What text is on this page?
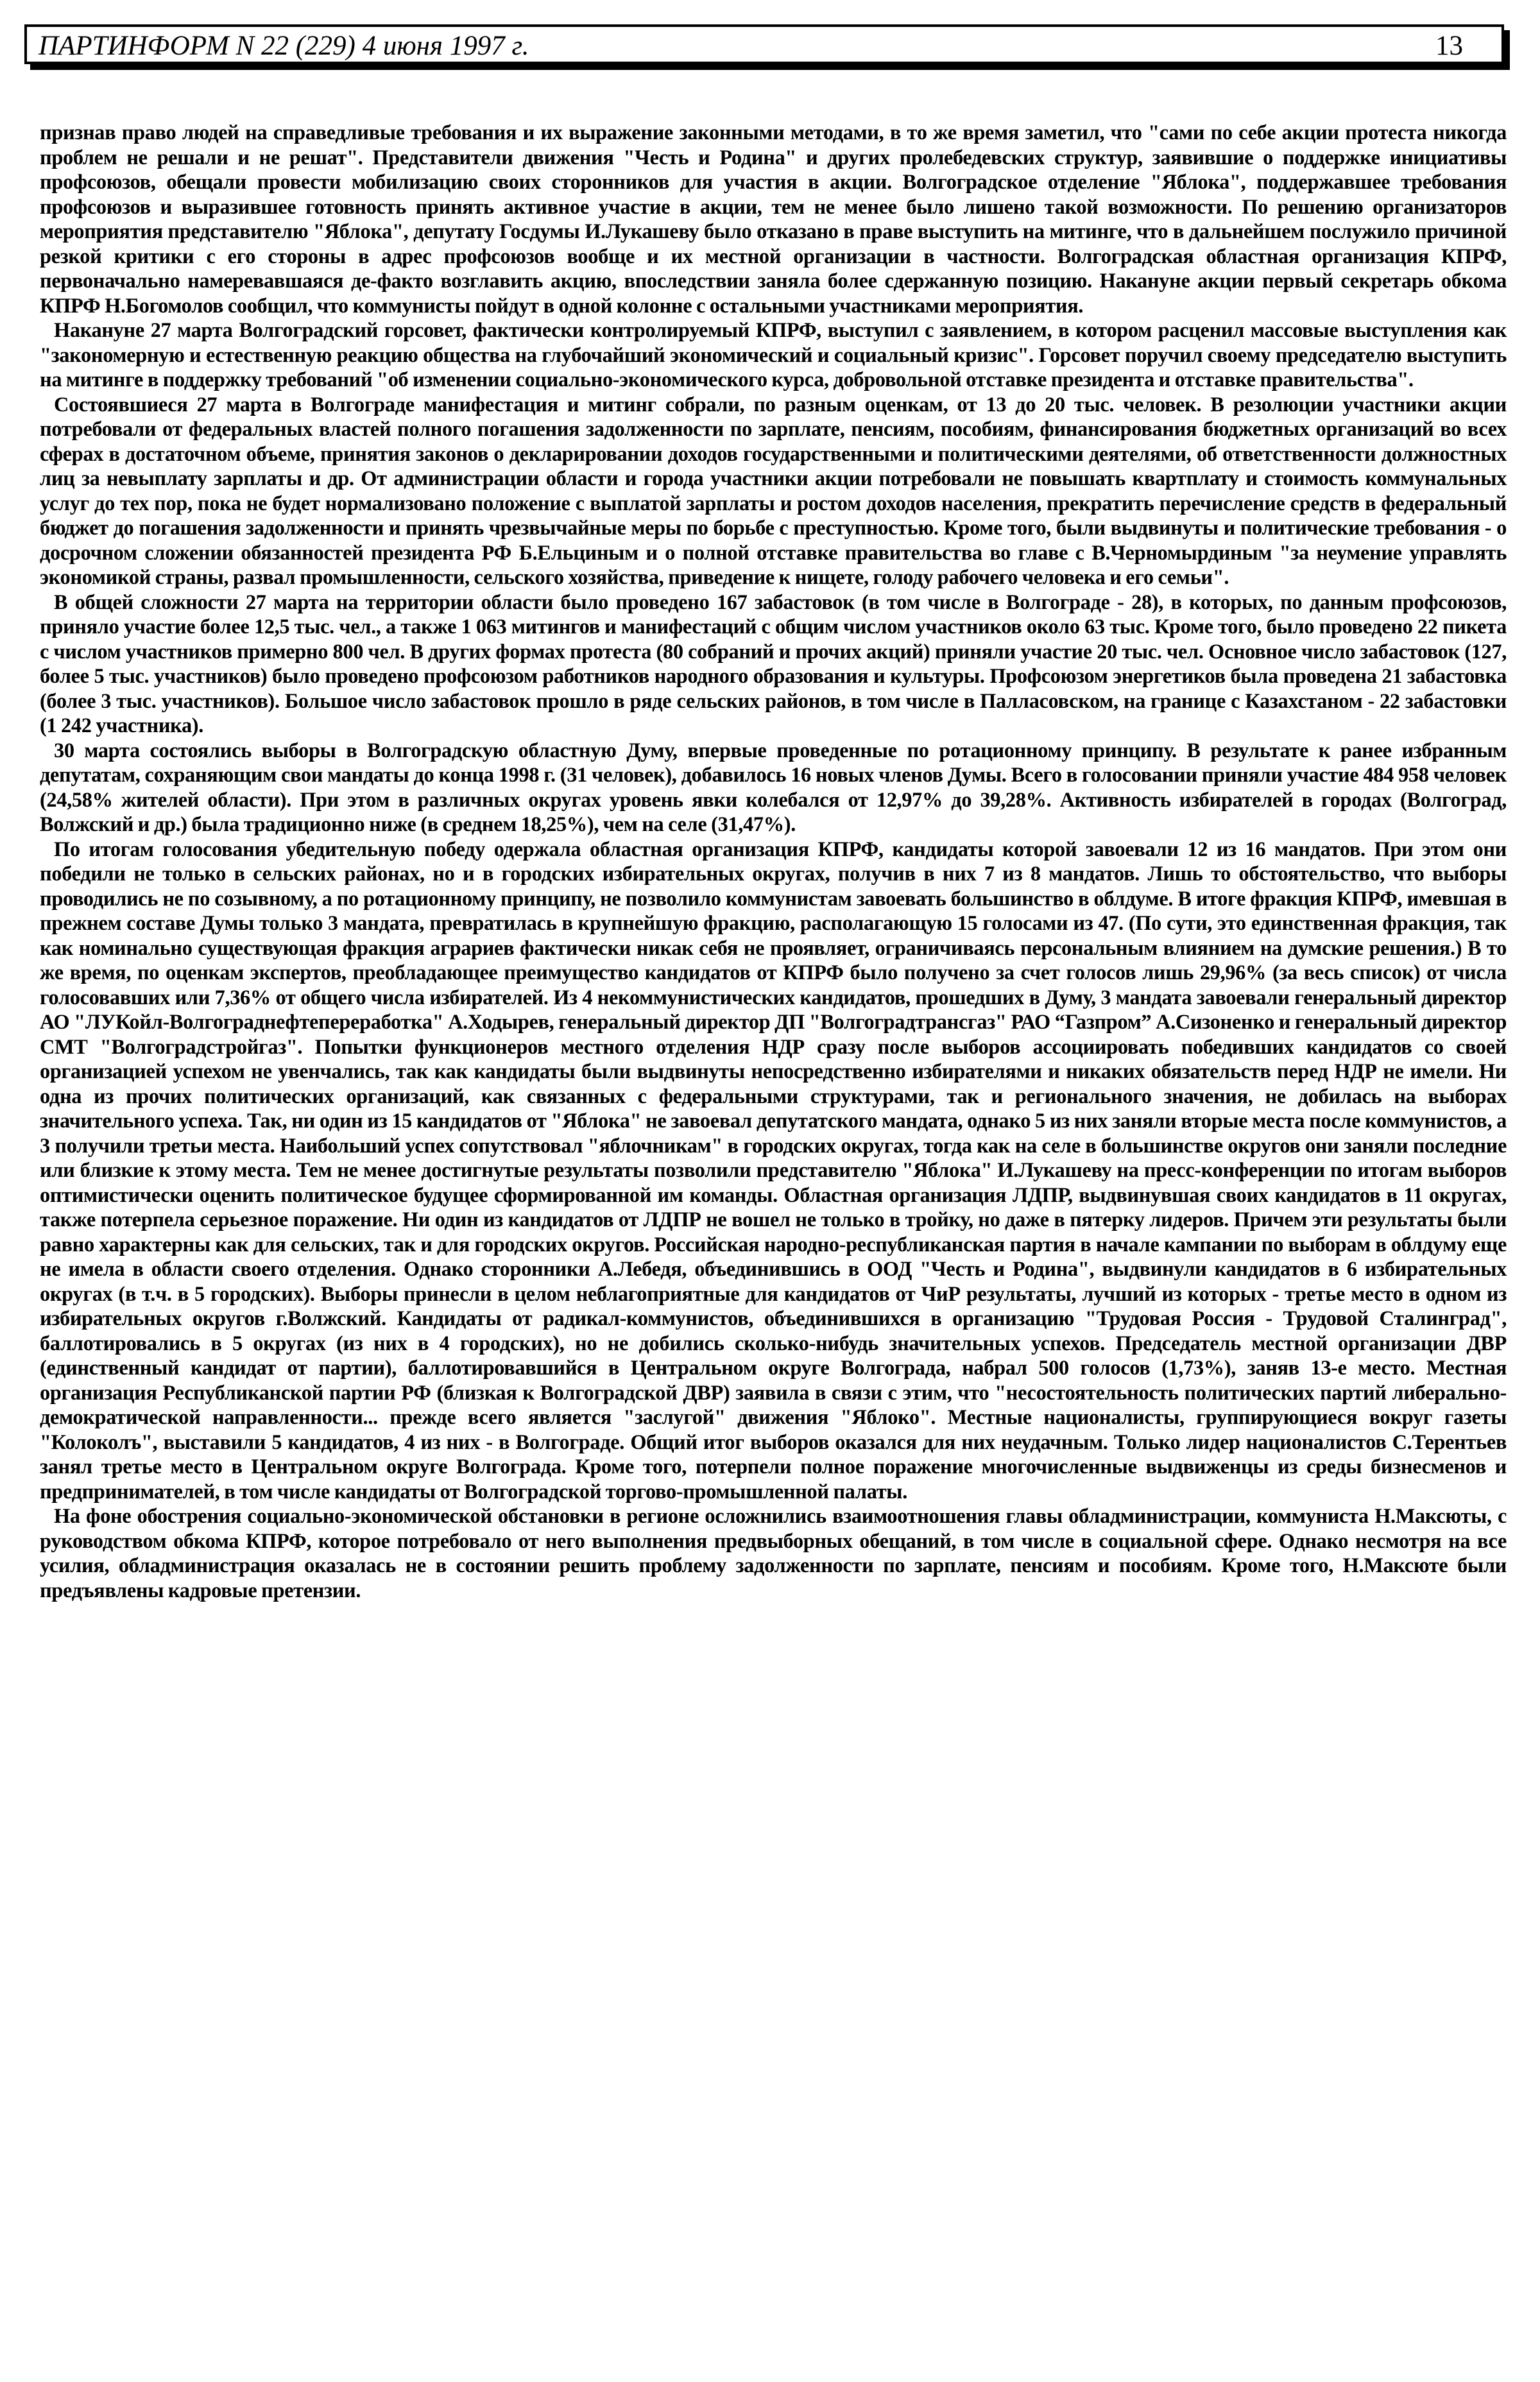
ПАРТИНФОРМ N 22 (229) 4 июня 1997 г.	13

признав право людей на справедливые требования и их выражение законными методами, в то же время заметил, что "сами по себе акции протеста никогда проблем не решали и не решат". Представители движения "Честь и Родина" и других пролебедевских структур, заявившие о поддержке инициативы профсоюзов, обещали провести мобилизацию своих сторонников для участия в акции. Волгоградское отделение "Яблока", поддержавшее требования профсоюзов и выразившее готовность принять активное участие в акции, тем не менее было лишено такой возможности. По решению организаторов мероприятия представителю "Яблока", депутату Госдумы И.Лукашеву было отказано в праве выступить на митинге, что в дальнейшем послужило причиной резкой критики с его стороны в адрес профсоюзов вообще и их местной организации в частности. Волгоградская областная организация КПРФ, первоначально намеревавшаяся де-факто возглавить акцию, впоследствии заняла более сдержанную позицию. Накануне акции первый секретарь обкома КПРФ Н.Богомолов сообщил, что коммунисты пойдут в одной колонне с остальными участниками мероприятия.

Накануне 27 марта Волгоградский горсовет, фактически контролируемый КПРФ, выступил с заявлением, в котором расценил массовые выступления как "закономерную и естественную реакцию общества на глубочайший экономический и социальный кризис". Горсовет поручил своему председателю выступить на митинге в поддержку требований "об изменении социально-экономического курса, добровольной отставке президента и отставке правительства".

Состоявшиеся 27 марта в Волгограде манифестация и митинг собрали, по разным оценкам, от 13 до 20 тыс. человек. В резолюции участники акции потребовали от федеральных властей полного погашения задолженности по зарплате, пенсиям, пособиям, финансирования бюджетных организаций во всех сферах в достаточном объеме, принятия законов о декларировании доходов государственными и политическими деятелями, об ответственности должностных лиц за невыплату зарплаты и др. От администрации области и города участники акции потребовали не повышать квартплату и стоимость коммунальных услуг до тех пор, пока не будет нормализовано положение с выплатой зарплаты и ростом доходов населения, прекратить перечисление средств в федеральный бюджет до погашения задолженности и принять чрезвычайные меры по борьбе с преступностью. Кроме того, были выдвинуты и политические требования - о досрочном сложении обязанностей президента РФ Б.Ельциным и о полной отставке правительства во главе с В.Черномырдиным "за неумение управлять экономикой страны, развал промышленности, сельского хозяйства, приведение к нищете, голоду рабочего человека и его семьи".

В общей сложности 27 марта на территории области было проведено 167 забастовок (в том числе в Волгограде - 28), в которых, по данным профсоюзов, приняло участие более 12,5 тыс. чел., а также 1 063 митингов и манифестаций с общим числом участников около 63 тыс. Кроме того, было проведено 22 пикета с числом участников примерно 800 чел. В других формах протеста (80 собраний и прочих акций) приняли участие 20 тыс. чел. Основное число забастовок (127, более 5 тыс. участников) было проведено профсоюзом работников народного образования и культуры. Профсоюзом энергетиков была проведена 21 забастовка (более 3 тыс. участников). Большое число забастовок прошло в ряде сельских районов, в том числе в Палласовском, на границе с Казахстаном - 22 забастовки (1 242 участника).

30 марта состоялись выборы в Волгоградскую областную Думу, впервые проведенные по ротационному принципу. В результате к ранее избранным депутатам, сохраняющим свои мандаты до конца 1998 г. (31 человек), добавилось 16 новых членов Думы. Всего в голосовании приняли участие 484 958 человек (24,58% жителей области). При этом в различных округах уровень явки колебался от 12,97% до 39,28%. Активность избирателей в городах (Волгоград, Волжский и др.) была традиционно ниже (в среднем 18,25%), чем на селе (31,47%).

По итогам голосования убедительную победу одержала областная организация КПРФ, кандидаты которой завоевали 12 из 16 мандатов. При этом они победили не только в сельских районах, но и в городских избирательных округах, получив в них 7 из 8 мандатов. Лишь то обстоятельство, что выборы проводились не по созывному, а по ротационному принципу, не позволило коммунистам завоевать большинство в облдуме. В итоге фракция КПРФ, имевшая в прежнем составе Думы только 3 мандата, превратилась в крупнейшую фракцию, располагающую 15 голосами из 47. (По сути, это единственная фракция, так как номинально существующая фракция аграриев фактически никак себя не проявляет, ограничиваясь персональным влиянием на думские решения.) В то же время, по оценкам экспертов, преобладающее преимущество кандидатов от КПРФ было получено за счет голосов лишь 29,96% (за весь список) от числа голосовавших или 7,36% от общего числа избирателей. Из 4 некоммунистических кандидатов, прошедших в Думу, 3 мандата завоевали генеральный директор АО "ЛУКойл-Волгограднефтепереработка" А.Ходырев, генеральный директор ДП "Волгоградтрансгаз" РАО “Газпром” А.Сизоненко и генеральный директор СМТ "Волгоградстройгаз". Попытки функционеров местного отделения НДР сразу после выборов ассоциировать победивших кандидатов со своей организацией успехом не увенчались, так как кандидаты были выдвинуты непосредственно избирателями и никаких обязательств перед НДР не имели. Ни одна из прочих политических организаций, как связанных с федеральными структурами, так и регионального значения, не добилась на выборах значительного успеха. Так, ни один из 15 кандидатов от "Яблока" не завоевал депутатского мандата, однако 5 из них заняли вторые места после коммунистов, а 3 получили третьи места. Наибольший успех сопутствовал "яблочникам" в городских округах, тогда как на селе в большинстве округов они заняли последние или близкие к этому места. Тем не менее достигнутые результаты позволили представителю "Яблока" И.Лукашеву на пресс-конференции по итогам выборов оптимистически оценить политическое будущее сформированной им команды. Областная организация ЛДПР, выдвинувшая своих кандидатов в 11 округах, также потерпела серьезное поражение. Ни один из кандидатов от ЛДПР не вошел не только в тройку, но даже в пятерку лидеров. Причем эти результаты были равно характерны как для сельских, так и для городских округов. Российская народно-республиканская партия в начале кампании по выборам в облдуму еще не имела в области своего отделения. Однако сторонники А.Лебедя, объединившись в ООД "Честь и Родина", выдвинули кандидатов в 6 избирательных округах (в т.ч. в 5 городских). Выборы принесли в целом неблагоприятные для кандидатов от ЧиР результаты, лучший из которых - третье место в одном из избирательных округов г.Волжский. Кандидаты от радикал-коммунистов, объединившихся в организацию "Трудовая Россия - Трудовой Сталинград", баллотировались в 5 округах (из них в 4 городских), но не добились сколько-нибудь значительных успехов. Председатель местной организации ДВР (единственный кандидат от партии), баллотировавшийся в Центральном округе Волгограда, набрал 500 голосов (1,73%), заняв 13-е место. Местная организация Республиканской партии РФ (близкая к Волгоградской ДВР) заявила в связи с этим, что "несостоятельность политических партий либерально-демократической направленности... прежде всего является "заслугой" движения "Яблоко". Местные националисты, группирующиеся вокруг газеты "Колоколъ", выставили 5 кандидатов, 4 из них - в Волгограде. Общий итог выборов оказался для них неудачным. Только лидер националистов С.Терентьев занял третье место в Центральном округе Волгограда. Кроме того, потерпели полное поражение многочисленные выдвиженцы из среды бизнесменов и предпринимателей, в том числе кандидаты от Волгоградской торгово-промышленной палаты.

На фоне обострения социально-экономической обстановки в регионе осложнились взаимоотношения главы обладминистрации, коммуниста Н.Максюты, с руководством обкома КПРФ, которое потребовало от него выполнения предвыборных обещаний, в том числе в социальной сфере. Однако несмотря на все усилия, обладминистрация оказалась не в состоянии решить проблему задолженности по зарплате, пенсиям и пособиям. Кроме того, Н.Максюте были предъявлены кадровые претензии.
